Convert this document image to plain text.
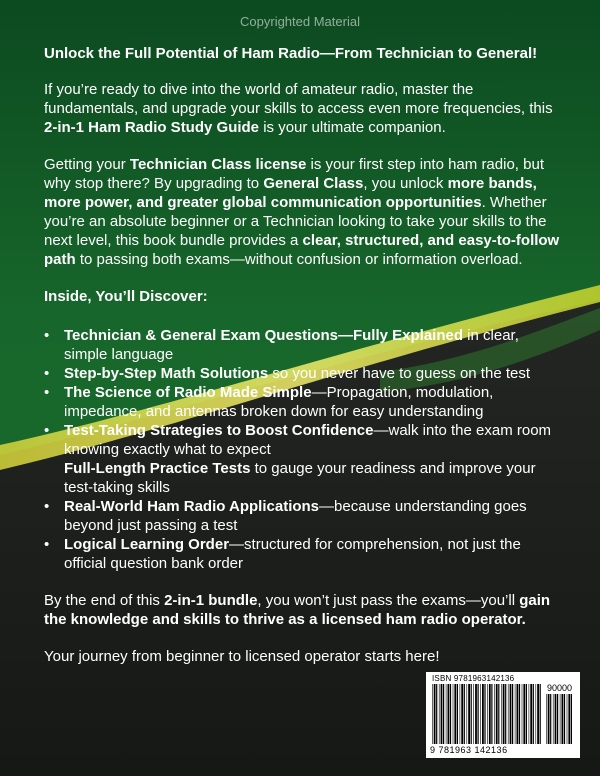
Copyrighted Material

Unlock the Full Potential of Ham Radio—From Technician to General!

If you’re ready to dive into the world of amateur radio, master the fundamentals, and upgrade your skills to access even more frequencies, this 2-in-1 Ham Radio Study Guide is your ultimate companion.

Getting your Technician Class license is your first step into ham radio, but why stop there? By upgrading to General Class, you unlock more bands, more power, and greater global communication opportunities. Whether you’re an absolute beginner or a Technician looking to take your skills to the next level, this book bundle provides a clear, structured, and easy-to-follow path to passing both exams—without confusion or information overload.

Inside, You’ll Discover:

• Technician & General Exam Questions—Fully Explained in clear, simple language
• Step-by-Step Math Solutions so you never have to guess on the test
• The Science of Radio Made Simple—Propagation, modulation, impedance, and antennas broken down for easy understanding
• Test-Taking Strategies to Boost Confidence—walk into the exam room knowing exactly what to expect
Full-Length Practice Tests to gauge your readiness and improve your test-taking skills
• Real-World Ham Radio Applications—because understanding goes beyond just passing a test
• Logical Learning Order—structured for comprehension, not just the official question bank order

By the end of this 2-in-1 bundle, you won’t just pass the exams—you’ll gain the knowledge and skills to thrive as a licensed ham radio operator.

Your journey from beginner to licensed operator starts here!

ISBN 9781963142136
90000
9 781963 142136
